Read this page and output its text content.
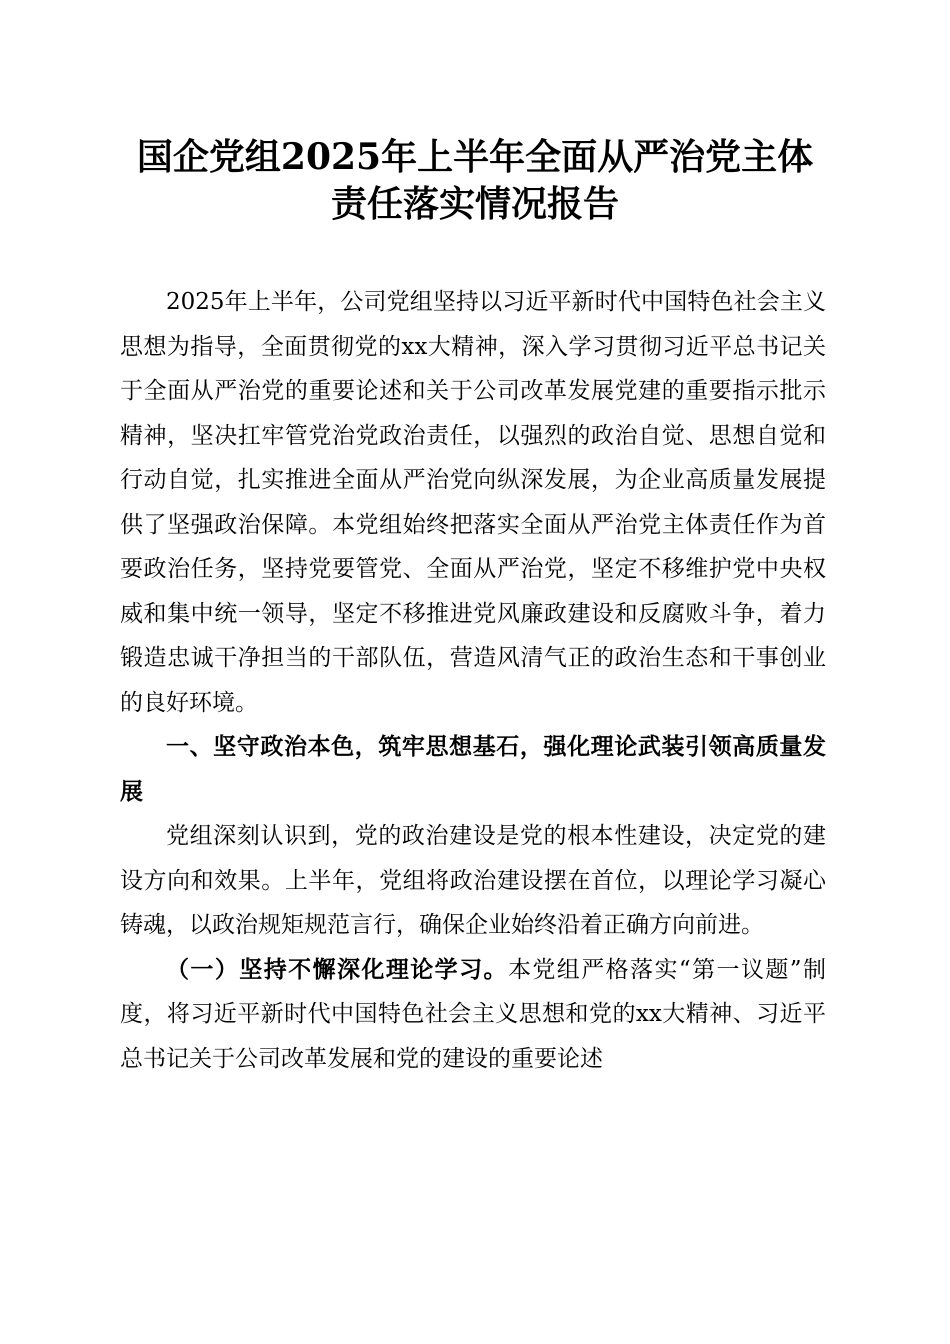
国企党组2025年上半年全面从严治党主体责任落实情况报告

2025年上半年，公司党组坚持以习近平新时代中国特色社会主义思想为指导，全面贯彻党的xx大精神，深入学习贯彻习近平总书记关于全面从严治党的重要论述和关于公司改革发展党建的重要指示批示精神，坚决扛牢管党治党政治责任，以强烈的政治自觉、思想自觉和行动自觉，扎实推进全面从严治党向纵深发展，为企业高质量发展提供了坚强政治保障。本党组始终把落实全面从严治党主体责任作为首要政治任务，坚持党要管党、全面从严治党，坚定不移维护党中央权威和集中统一领导，坚定不移推进党风廉政建设和反腐败斗争，着力锻造忠诚干净担当的干部队伍，营造风清气正的政治生态和干事创业的良好环境。

一、坚守政治本色，筑牢思想基石，强化理论武装引领高质量发展

党组深刻认识到，党的政治建设是党的根本性建设，决定党的建设方向和效果。上半年，党组将政治建设摆在首位，以理论学习凝心铸魂，以政治规矩规范言行，确保企业始终沿着正确方向前进。

（一）坚持不懈深化理论学习。本党组严格落实“第一议题”制度，将习近平新时代中国特色社会主义思想和党的xx大精神、习近平总书记关于公司改革发展和党的建设的重要论述
